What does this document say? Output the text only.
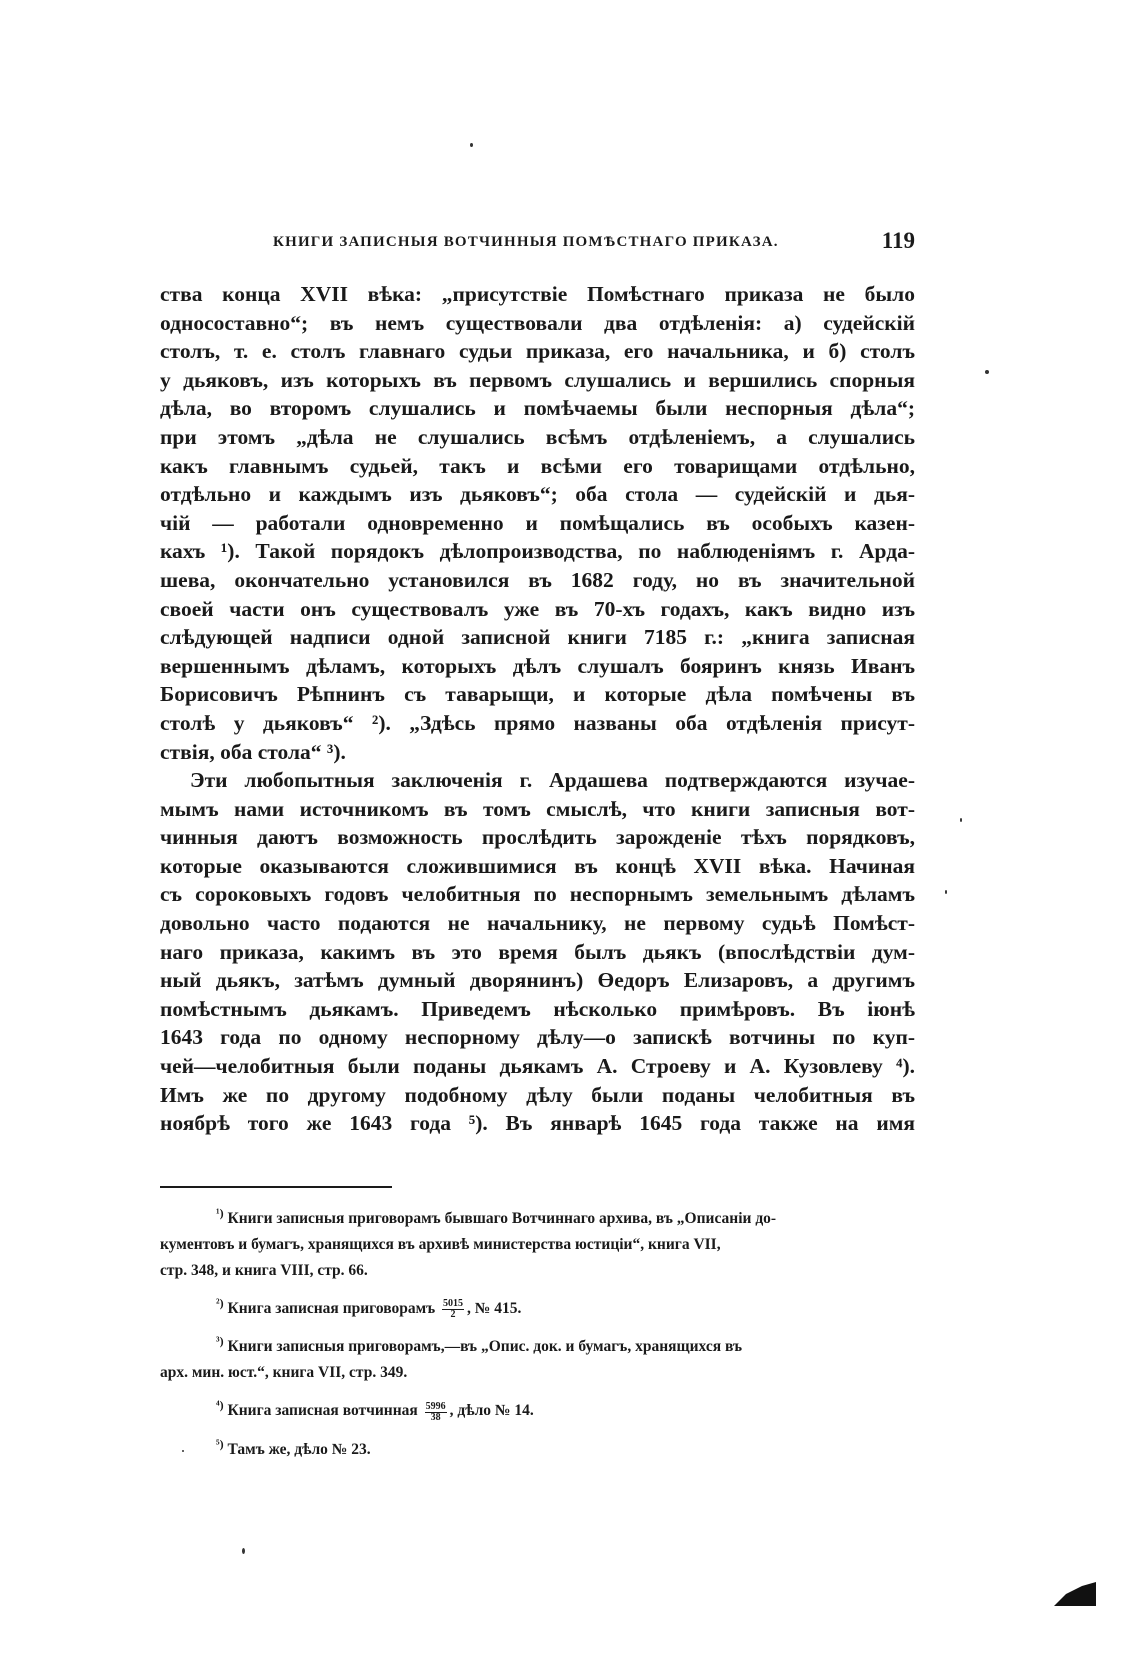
КНИГИ ЗАПИСНЫЯ ВОТЧИННЫЯ ПОМѢСТНАГО ПРИКАЗА.	119

ства конца XVII вѣка: „присутствіе Помѣстнаго приказа не было
односоставно“; въ немъ существовали два отдѣленія: а) судейскій
столъ, т. е. столъ главнаго судьи приказа, его начальника, и б) столъ
у дьяковъ, изъ которыхъ въ первомъ слушались и вершились спорныя
дѣла, во второмъ слушались и помѣчаемы были неспорныя дѣла“;
при этомъ „дѣла не слушались всѣмъ отдѣленіемъ, а слушались
какъ главнымъ судьей, такъ и всѣми его товарищами отдѣльно,
отдѣльно и каждымъ изъ дьяковъ“; оба стола — судейскій и дья-
чій — работали одновременно и помѣщались въ особыхъ казен-
кахъ ¹). Такой порядокъ дѣлопроизводства, по наблюденіямъ г. Арда-
шева, окончательно установился въ 1682 году, но въ значительной
своей части онъ существовалъ уже въ 70-хъ годахъ, какъ видно изъ
слѣдующей надписи одной записной книги 7185 г.: „книга записная
вершеннымъ дѣламъ, которыхъ дѣлъ слушалъ бояринъ князь Иванъ
Борисовичъ Рѣпнинъ съ таварыщи, и которые дѣла помѣчены въ
столѣ у дьяковъ“ ²). „Здѣсь прямо названы оба отдѣленія присут-
ствія, оба стола“ ³).

Эти любопытныя заключенія г. Ардашева подтверждаются изучае-
мымъ нами источникомъ въ томъ смыслѣ, что книги записныя вот-
чинныя даютъ возможность прослѣдить зарожденіе тѣхъ порядковъ,
которые оказываются сложившимися въ концѣ XVII вѣка. Начиная
съ сороковыхъ годовъ челобитныя по неспорнымъ земельнымъ дѣламъ
довольно часто подаются не начальнику, не первому судьѣ Помѣст-
наго приказа, какимъ въ это время былъ дьякъ (впослѣдствіи дум-
ный дьякъ, затѣмъ думный дворянинъ) Өедоръ Елизаровъ, а другимъ
помѣстнымъ дьякамъ. Приведемъ нѣсколько примѣровъ. Въ іюнѣ
1643 года по одному неспорному дѣлу—о запискѣ вотчины по куп-
чей—челобитныя были поданы дьякамъ А. Строеву и А. Кузовлеву ⁴).
Имъ же по другому подобному дѣлу были поданы челобитныя въ
ноябрѣ того же 1643 года ⁵). Въ январѣ 1645 года также на имя

$^{^1)}$ Книги записныя приговорамъ бывшаго Вотчиннаго архива, въ „Описаніи до-
кументовъ и бумагъ, хранящихся въ архивѣ министерства юстиціи“, книга VII,
стр. 348, и книга VIII, стр. 66.
$^{^2)}$ Книга записная приговорамъ $\frac{5015}{2}$ , № 415.
$^{^3)}$ Книги записныя приговорамъ,—въ „Опис. док. и бумагъ, хранящихся въ
арх. мин. юст.“, книга VII, стр. 349.
$^{^4)}$ Книга записная вотчинная $\frac{5996}{38}$ , дѣло № 14.
$^{^5)}$ Тамъ же, дѣло № 23.
